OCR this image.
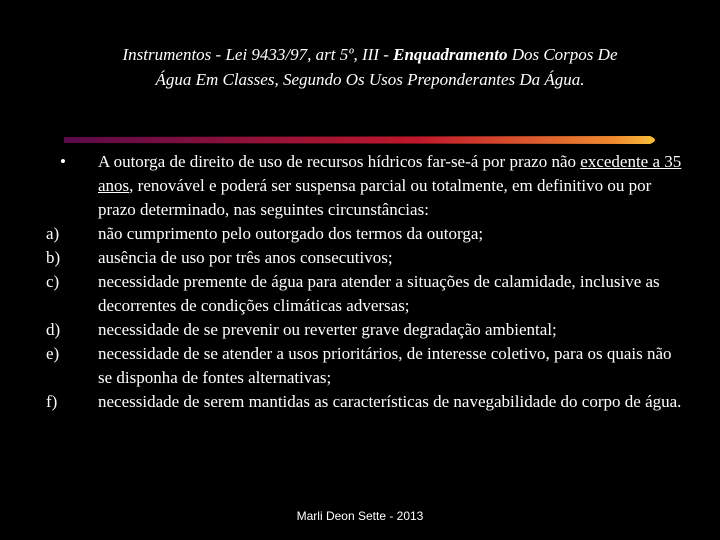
Instrumentos - Lei 9433/97, art 5º, III - Enquadramento Dos Corpos De
Água Em Classes, Segundo Os Usos Preponderantes Da Água.
•	A outorga de direito de uso de recursos hídricos far-se-á por prazo não excedente a 35 anos, renovável e poderá ser suspensa parcial ou totalmente, em definitivo ou por prazo determinado, nas seguintes circunstâncias:
a)	não cumprimento pelo outorgado dos termos da outorga;
b)	ausência de uso por três anos consecutivos;
c)	necessidade premente de água para atender a situações de calamidade, inclusive as decorrentes de condições climáticas adversas;
d)	necessidade de se prevenir ou reverter grave degradação ambiental;
e)	necessidade de se atender a usos prioritários, de interesse coletivo, para os quais não se disponha de fontes alternativas;
f)	necessidade de serem mantidas as características de navegabilidade do corpo de água.
Marli Deon Sette - 2013
